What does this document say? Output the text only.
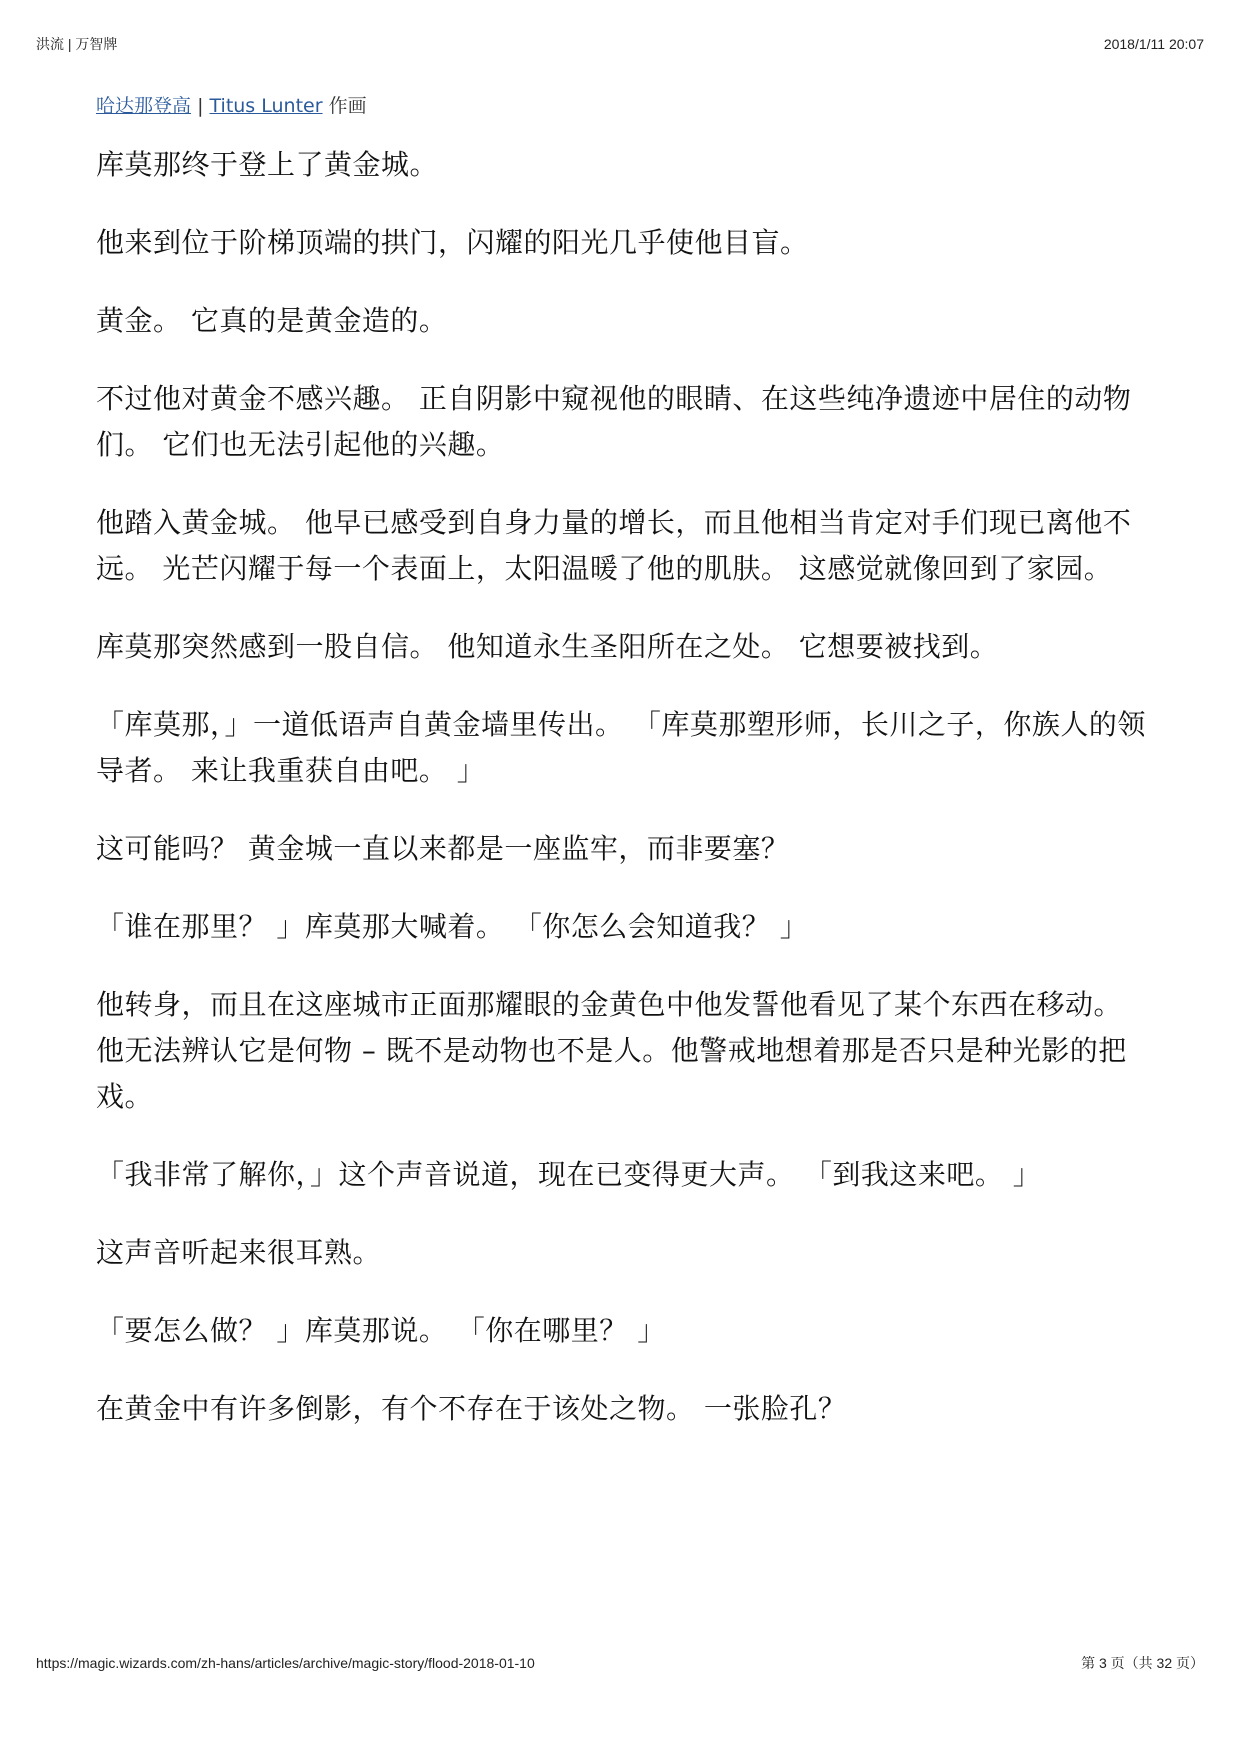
洪流 | 万智牌	2018/1/11 20:07
哈达那登高 | Titus Lunter 作画

库莫那终于登上了黄金城。

他来到位于阶梯顶端的拱门，闪耀的阳光几乎使他目盲。

黄金。 它真的是黄金造的。

不过他对黄金不感兴趣。 正自阴影中窥视他的眼睛、在这些纯净遗迹中居住的动物们。 它们也无法引起他的兴趣。

他踏入黄金城。 他早已感受到自身力量的增长，而且他相当肯定对手们现已离他不远。 光芒闪耀于每一个表面上，太阳温暖了他的肌肤。 这感觉就像回到了家园。

库莫那突然感到一股自信。 他知道永生圣阳所在之处。 它想要被找到。

「库莫那，」一道低语声自黄金墙里传出。 「库莫那塑形师，长川之子，你族人的领导者。 来让我重获自由吧。 」

这可能吗？ 黄金城一直以来都是一座监牢，而非要塞？

「谁在那里？ 」库莫那大喊着。 「你怎么会知道我？ 」

他转身，而且在这座城市正面那耀眼的金黄色中他发誓他看见了某个东西在移动。 他无法辨认它是何物 – 既不是动物也不是人。他警戒地想着那是否只是种光影的把戏。

「我非常了解你，」这个声音说道，现在已变得更大声。 「到我这来吧。 」

这声音听起来很耳熟。

「要怎么做？ 」库莫那说。 「你在哪里？ 」

在黄金中有许多倒影，有个不存在于该处之物。 一张脸孔？

https://magic.wizards.com/zh-hans/articles/archive/magic-story/flood-2018-01-10	第 3 页（共 32 页）
